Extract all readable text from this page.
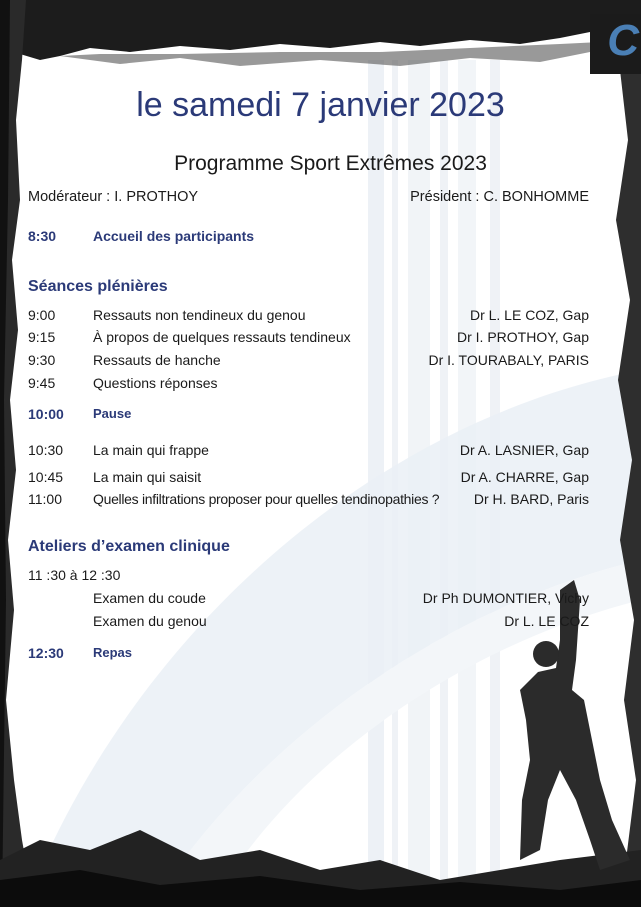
C
le samedi 7 janvier 2023
Programme Sport Extrêmes 2023
Modérateur : I. PROTHOY	Président : C. BONHOMME
8:30	Accueil des participants
Séances plénières
9:00	Ressauts non tendineux du genou	Dr L. LE COZ, Gap
9:15	À propos de quelques ressauts tendineux	Dr I. PROTHOY, Gap
9:30	Ressauts de hanche	Dr I. TOURABALY, PARIS
9:45	Questions réponses
10:00 Pause
10:30 La main qui frappe	Dr A. LASNIER, Gap
10:45 La main qui saisit	Dr A. CHARRE, Gap
11:00 Quelles infiltrations proposer pour quelles tendinopathies ? Dr H. BARD, Paris
Ateliers d’examen clinique
11 :30 à 12 :30
Examen du coude	Dr Ph DUMONTIER, Vichy
Examen du genou	Dr L. LE COZ
12:30 Repas
